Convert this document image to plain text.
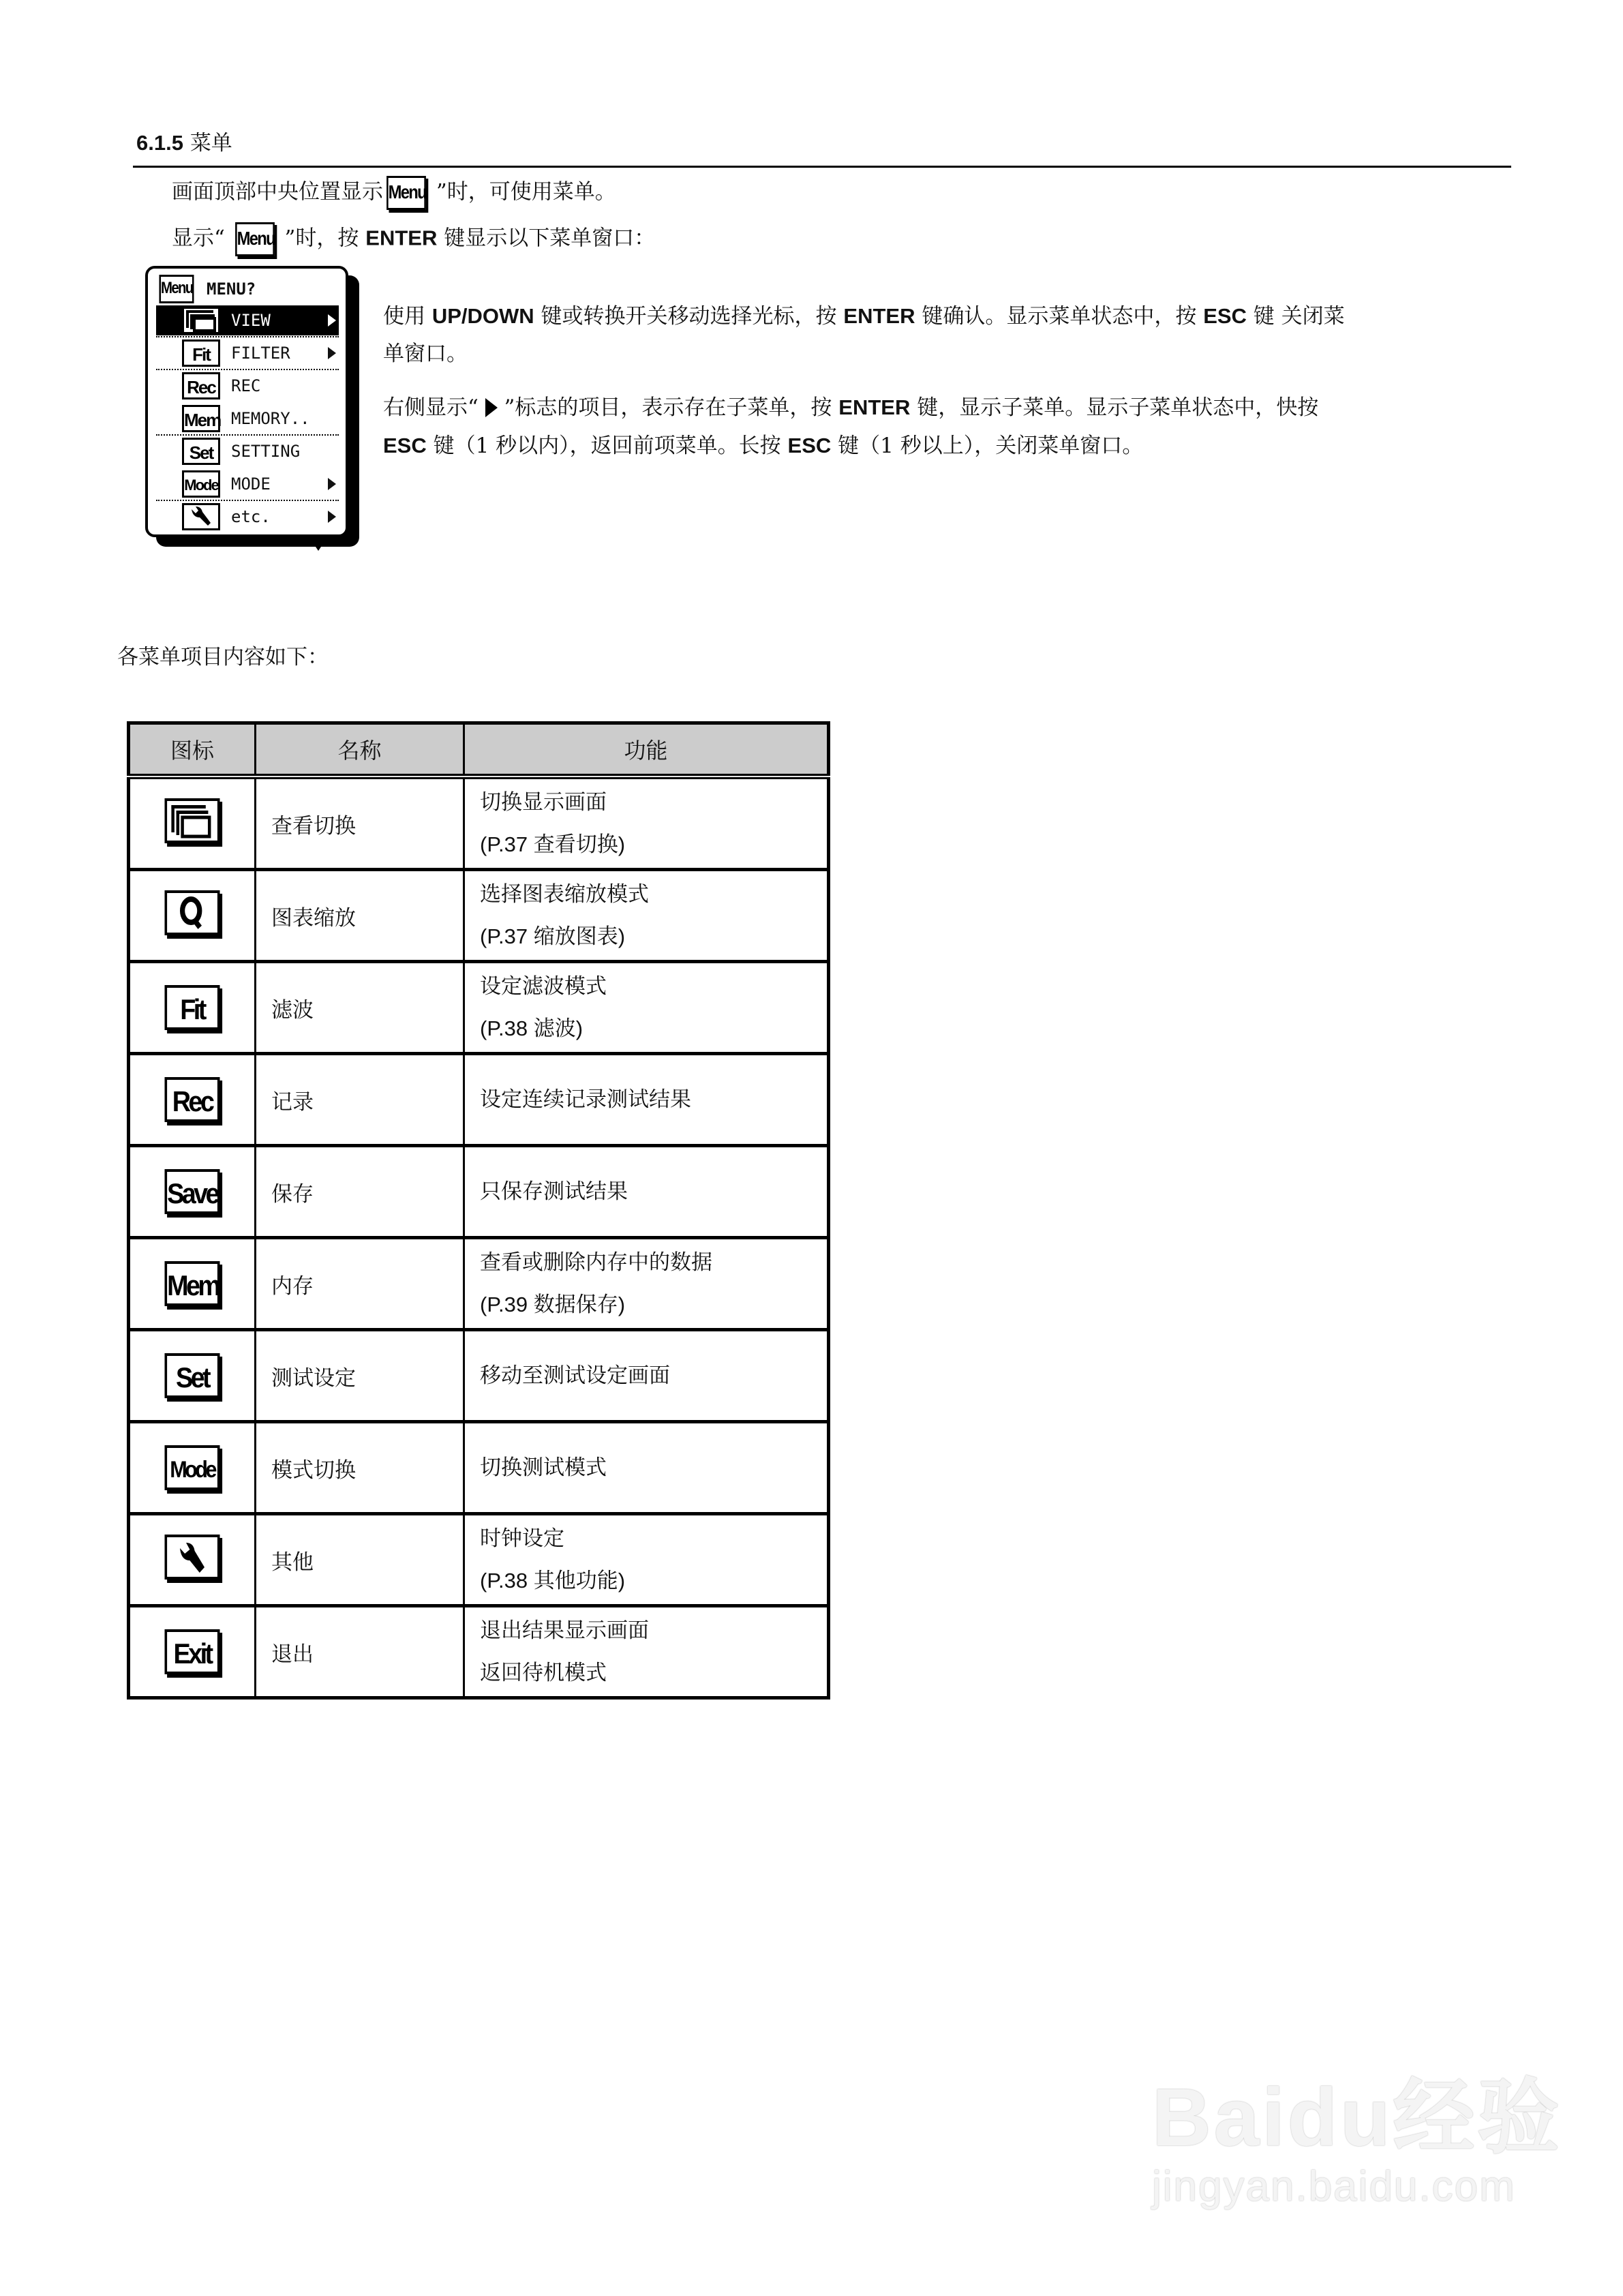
6.1.5 菜单
画面顶部中央位置显示 Menu ”时，可使用菜单。
显示“ Menu ”时，按 ENTER 键显示以下菜单窗口：
Menu MENU?
VIEW
Fit	FILTER
Rec REC
Mem MEMORY..
Set	SETTING
Mode MODE
etc.
使用 UP/DOWN 键或转换开关移动选择光标，按 ENTER 键确认。显示菜单状态中，按 ESC 键 关闭菜
单窗口。
右侧显示“  ”标志的项目，表示存在子菜单，按 ENTER 键，显示子菜单。显示子菜单状态中，快按
ESC 键（1 秒以内），返回前项菜单。长按 ESC 键（1 秒以上），关闭菜单窗口。
各菜单项目内容如下：
图标	名称	功能

	查看切换	切换显示画面
(P.37 查看切换)

	图表缩放	选择图表缩放模式
(P.37 缩放图表)

Fit	滤波	设定滤波模式
(P.38 滤波)

Rec	记录	设定连续记录测试结果

Save	保存	只保存测试结果

Mem	内存	查看或删除内存中的数据
(P.39 数据保存)

Set	测试设定	移动至测试设定画面

Mode	模式切换	切换测试模式

	其他	时钟设定
(P.38 其他功能)

Exit	退出	退出结果显示画面
返回待机模式
Baidu经验
jingyan.baidu.com
